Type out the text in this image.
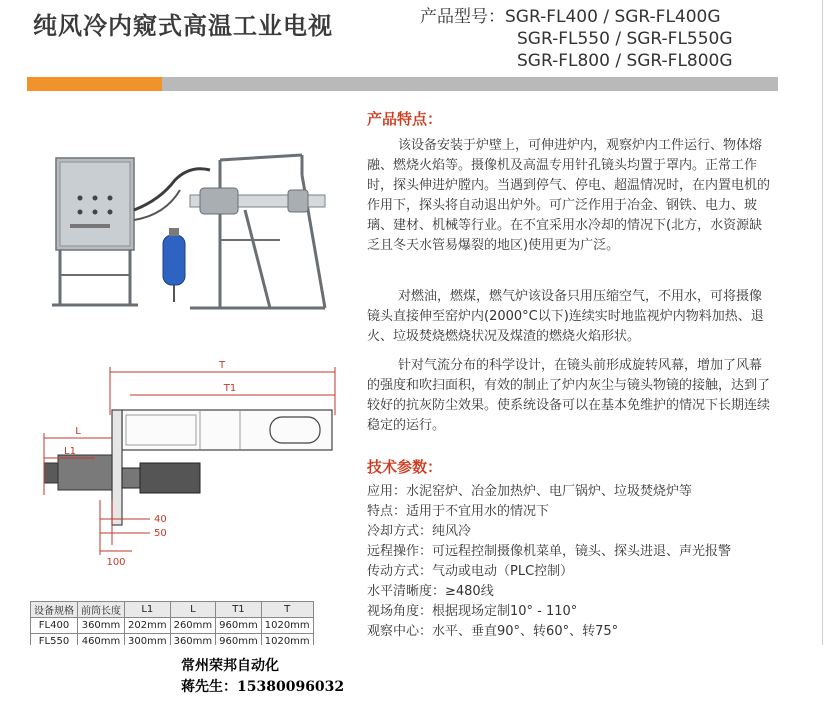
纯风冷内窥式高温工业电视	产品型号：SGR-FL400 / SGR-FL400G
SGR-FL550 / SGR-FL550G
SGR-FL800 / SGR-FL800G
T
T1
L
L1
40
50
100
产品特点：
该设备安装于炉壁上，可伸进炉内，观察炉内工件运行、物体熔融、燃烧火焰等。摄像机及高温专用针孔镜头均置于罩内。正常工作时，探头伸进炉膛内。当遇到停气、停电、超温情况时，在内置电机的作用下，探头将自动退出炉外。可广泛作用于冶金、钢铁、电力、玻璃、建材、机械等行业。在不宜采用水冷却的情况下(北方，水资源缺乏且冬天水管易爆裂的地区)使用更为广泛。
对燃油，燃煤，燃气炉该设备只用压缩空气，不用水，可将摄像镜头直接伸至窑炉内(2000°C以下)连续实时地监视炉内物料加热、退火、垃圾焚烧燃烧状况及煤渣的燃烧火焰形状。
针对气流分布的科学设计，在镜头前形成旋转风幕，增加了风幕的强度和吹扫面积，有效的制止了炉内灰尘与镜头物镜的接触，达到了较好的抗灰防尘效果。使系统设备可以在基本免维护的情况下长期连续稳定的运行。
技术参数：
应用：水泥窑炉、冶金加热炉、电厂锅炉、垃圾焚烧炉等
特点：适用于不宜用水的情况下
冷却方式：纯风冷
远程操作：可远程控制摄像机菜单，镜头、探头进退、声光报警
传动方式：气动或电动（PLC控制）
水平清晰度：≥480线
视场角度：根据现场定制10° - 110°
观察中心：水平、垂直90°、转60°、转75°
设备规格	前筒长度	L1	L	T1	T
FL400	360mm	202mm	260mm	960mm	1020mm
FL550	460mm	300mm	360mm	960mm	1020mm
常州荣邦自动化
蒋先生：15380096032
